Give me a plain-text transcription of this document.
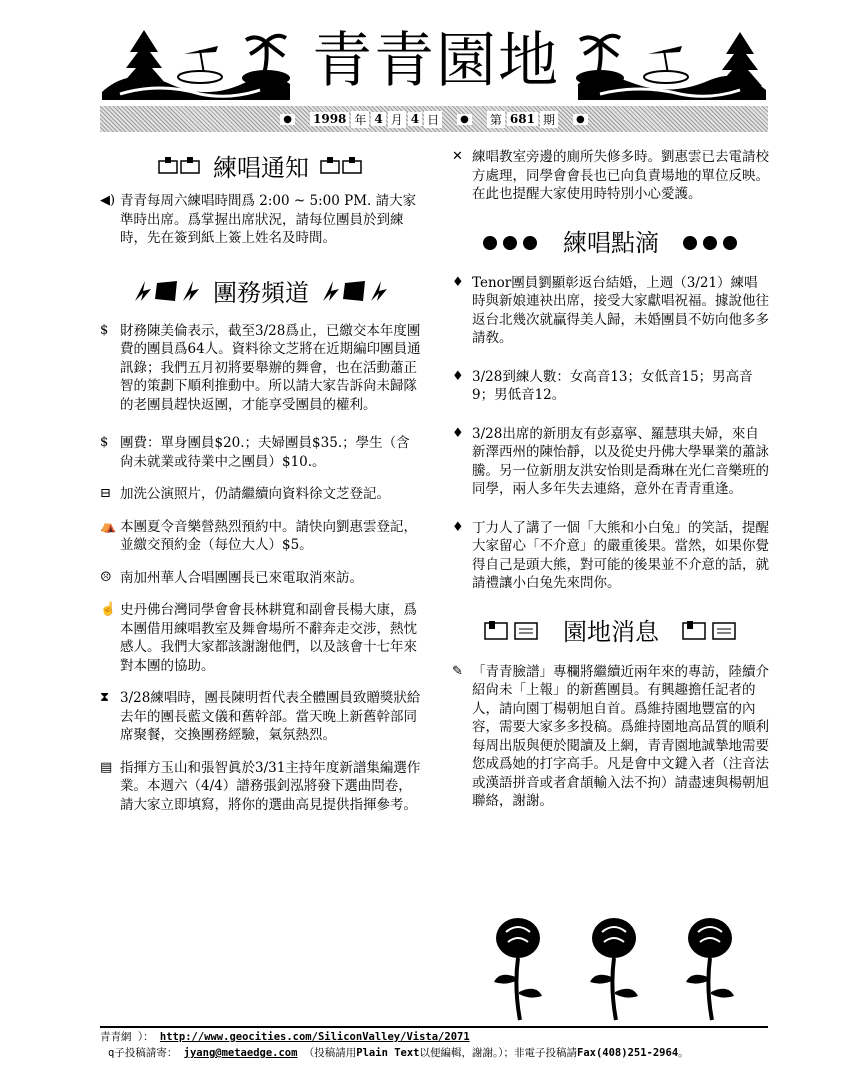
青青園地
● 1998 年 4 月 4 日	● 第 681 期	●
練唱通知
◀) 青青每周六練唱時間爲 2:00 ~ 5:00 PM. 請大家準時出席。爲掌握出席狀況，請每位團員於到練時，先在簽到紙上簽上姓名及時間。
團務頻道
$ 財務陳美倫表示，截至3/28爲止，已繳交本年度團費的團員爲64人。資料徐文芝將在近期編印團員通訊錄；我們五月初將要舉辦的舞會，也在活動蕭正智的策劃下順利推動中。所以請大家告訴尙未歸隊的老團員趕快返團，才能享受團員的權利。
$ 團費：單身團員$20.；夫婦團員$35.；學生（含尙未就業或待業中之團員）$10.。
⊟ 加洗公演照片，仍請繼續向資料徐文芝登記。
⛺ 本團夏令音樂營熱烈預約中。請快向劉惠雲登記，並繳交預約金（每位大人）$5。
☹ 南加州華人合唱團團長已來電取消來訪。
☝ 史丹佛台灣同學會會長林耕寬和副會長楊大康，爲本團借用練唱教室及舞會場所不辭奔走交涉，熱忱感人。我們大家都該謝謝他們，以及該會十七年來對本團的協助。
⧗ 3/28練唱時，團長陳明哲代表全體團員致贈獎狀給去年的團長藍文儀和舊幹部。當天晚上新舊幹部同席聚餐，交換團務經驗，氣氛熱烈。
▤ 指揮方玉山和張智眞於3/31主持年度新譜集編選作業。本週六（4/4）譜務張釗泓將發下選曲問卷，請大家立即填寫，將你的選曲高見提供指揮參考。
✕ 練唱教室旁邊的廁所失修多時。劉惠雲已去電請校方處理，同學會會長也已向負責場地的單位反映。在此也提醒大家使用時特別小心愛護。
練唱點滴
♦ Tenor團員劉顯彰返台結婚，上週（3/21）練唱時與新娘連袂出席，接受大家獻唱祝福。據說他往返台北幾次就贏得美人歸，未婚團員不妨向他多多請敎。
♦ 3/28到練人數：女高音13；女低音15；男高音9；男低音12。
♦ 3/28出席的新朋友有彭嘉寧、羅慧琪夫婦，來自新澤西州的陳怡靜，以及從史丹佛大學畢業的蕭詠騰。另一位新朋友洪安怡則是喬琳在光仁音樂班的同學，兩人多年失去連絡，意外在青青重逢。
♦ 丁力人了講了一個「大熊和小白兔」的笑話，提醒大家留心「不介意」的嚴重後果。當然，如果你覺得自己是頭大熊，對可能的後果並不介意的話，就請禮讓小白兔先來問你。
園地消息
✎ 「青青臉譜」專欄將繼續近兩年來的專訪，陸續介紹尙未「上報」的新舊團員。有興趣擔任記者的人，請向園丁楊朝旭自首。爲維持園地豐富的內容，需要大家多多投稿。爲維持園地高品質的順利每周出版與便於閱讀及上網，青青園地誠摯地需要您成爲她的打字高手。凡是會中文鍵入者（注音法或漢語拼音或者倉頡輸入法不拘）請盡速與楊朝旭聯絡，謝謝。
青青網 ）： http://www.geocities.com/SiliconValley/Vista/2071
q子投稿請寄： jyang@metaedge.com （投稿請用Plain Text以便編輯，謝謝。）；非電子投稿請Fax(408)251-2964。
